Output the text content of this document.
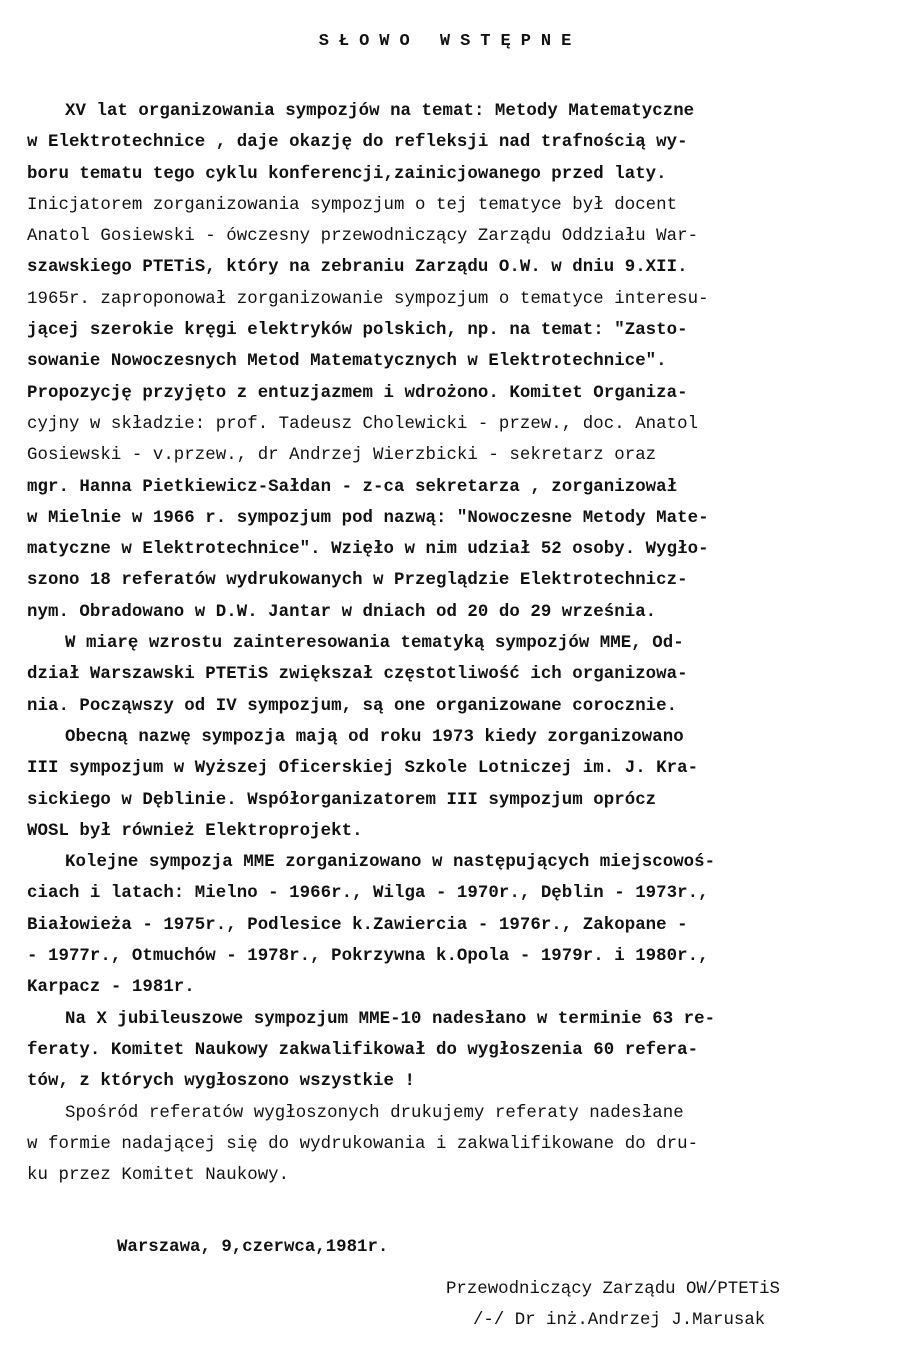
SŁOWO WSTĘPNE
XV lat organizowania sympozjów na temat: Metody Matematyczne
w Elektrotechnice , daje okazję do refleksji nad trafnością wy-
boru tematu tego cyklu konferencji,zainicjowanego przed laty.
Inicjatorem zorganizowania sympozjum o tej tematyce był docent
Anatol Gosiewski - ówczesny przewodniczący Zarządu Oddziału War-
szawskiego PTETiS, który na zebraniu Zarządu O.W. w dniu 9.XII.
1965r. zaproponował zorganizowanie sympozjum o tematyce interesu-
jącej szerokie kręgi elektryków polskich, np. na temat: "Zasto-
sowanie Nowoczesnych Metod Matematycznych w Elektrotechnice".
Propozycję przyjęto z entuzjazmem i wdrożono. Komitet Organiza-
cyjny w składzie: prof. Tadeusz Cholewicki - przew., doc. Anatol
Gosiewski - v.przew., dr Andrzej Wierzbicki - sekretarz oraz
mgr. Hanna Pietkiewicz-Sałdan - z-ca sekretarza , zorganizował
w Mielnie w 1966 r. sympozjum pod nazwą: "Nowoczesne Metody Mate-
matyczne w Elektrotechnice". Wzięło w nim udział 52 osoby. Wygło-
szono 18 referatów wydrukowanych w Przeglądzie Elektrotechnicz-
nym. Obradowano w D.W. Jantar w dniach od 20 do 29 września.
W miarę wzrostu zainteresowania tematyką sympozjów MME, Od-
dział Warszawski PTETiS zwiększał częstotliwość ich organizowa-
nia. Począwszy od IV sympozjum, są one organizowane corocznie.
Obecną nazwę sympozja mają od roku 1973 kiedy zorganizowano
III sympozjum w Wyższej Oficerskiej Szkole Lotniczej im. J. Kra-
sickiego w Dęblinie. Współorganizatorem III sympozjum oprócz
WOSL był również Elektroprojekt.
Kolejne sympozja MME zorganizowano w następujących miejscowoś-
ciach i latach: Mielno - 1966r., Wilga - 1970r., Dęblin - 1973r.,
Białowieża - 1975r., Podlesice k.Zawiercia - 1976r., Zakopane -
- 1977r., Otmuchów - 1978r., Pokrzywna k.Opola - 1979r. i 1980r.,
Karpacz - 1981r.
Na X jubileuszowe sympozjum MME-10 nadesłano w terminie 63 re-
feraty. Komitet Naukowy zakwalifikował do wygłoszenia 60 refera-
tów, z których wygłoszono wszystkie !
Spośród referatów wygłoszonych drukujemy referaty nadesłane
w formie nadającej się do wydrukowania i zakwalifikowane do dru-
ku przez Komitet Naukowy.
Warszawa, 9,czerwca,1981r.
Przewodniczący Zarządu OW/PTETiS
/-/ Dr inż.Andrzej J.Marusak
